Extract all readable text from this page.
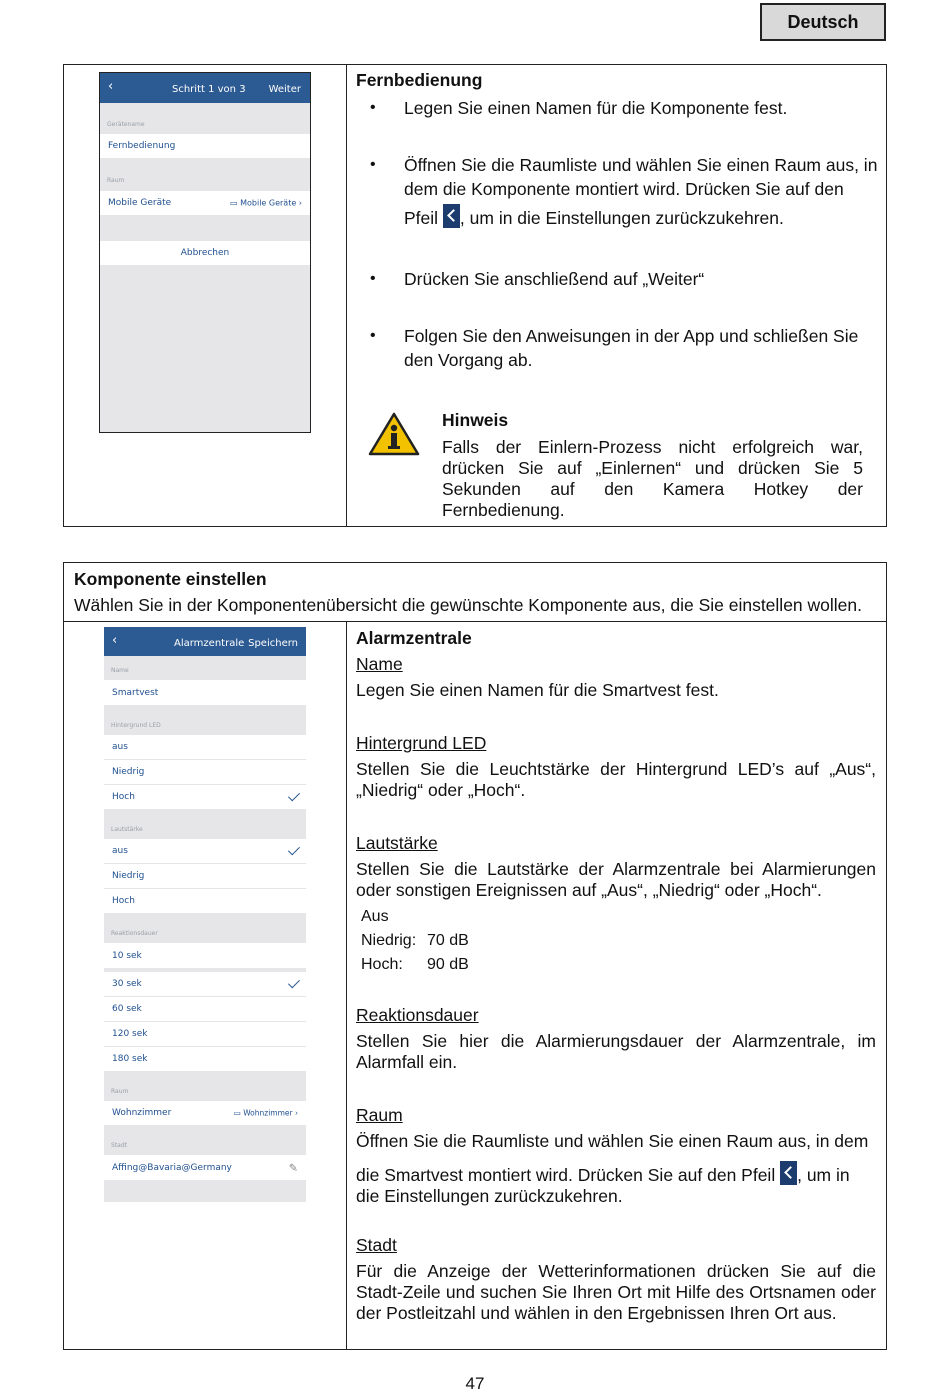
Deutsch
‹	Schritt 1 von 3 Weiter
Gerätename
Fernbedienung
Raum
Mobile Geräte	▭ Mobile Geräte ›
Abbrechen
Fernbedienung
• Legen Sie einen Namen für die Komponente fest.
• Öffnen Sie die Raumliste und wählen Sie einen Raum aus, in dem die Komponente montiert wird. Drücken Sie auf den
Pfeil , um in die Einstellungen zurückzukehren.
• Drücken Sie anschließend auf „Weiter“
• Folgen Sie den Anweisungen in der App und schließen Sie den Vorgang ab.
Hinweis
Falls der Einlern-Prozess nicht erfolgreich war, drücken Sie auf „Einlernen“ und drücken Sie 5 Sekunden auf den Kamera Hotkey der Fernbedienung.
Komponente einstellen
Wählen Sie in der Komponentenübersicht die gewünschte Komponente aus, die Sie einstellen wollen.
‹	Alarmzentrale Speichern
Name
Smartvest
Hintergrund LED
aus
Niedrig
Hoch
Lautstärke
aus
Niedrig
Hoch
Reaktionsdauer
10 sek
30 sek
60 sek
120 sek
180 sek
Raum
Wohnzimmer	▭ Wohnzimmer ›
Stadt
Affing@Bavaria@Germany	✎
Alarmzentrale
Name
Legen Sie einen Namen für die Smartvest fest.
Hintergrund LED
Stellen Sie die Leuchtstärke der Hintergrund LED’s auf „Aus“, „Niedrig“ oder „Hoch“.
Lautstärke
Stellen Sie die Lautstärke der Alarmzentrale bei Alarmierungen oder sonstigen Ereignissen auf „Aus“, „Niedrig“ oder „Hoch“.
Aus
Niedrig: 70 dB
Hoch: 90 dB
Reaktionsdauer
Stellen Sie hier die Alarmierungsdauer der Alarmzentrale, im Alarmfall ein.
Raum
Öffnen Sie die Raumliste und wählen Sie einen Raum aus, in dem
die Smartvest montiert wird. Drücken Sie auf den Pfeil , um in
die Einstellungen zurückzukehren.
Stadt
Für die Anzeige der Wetterinformationen drücken Sie auf die Stadt-Zeile und suchen Sie Ihren Ort mit Hilfe des Ortsnamen oder der Postleitzahl und wählen in den Ergebnissen Ihren Ort aus.
47
